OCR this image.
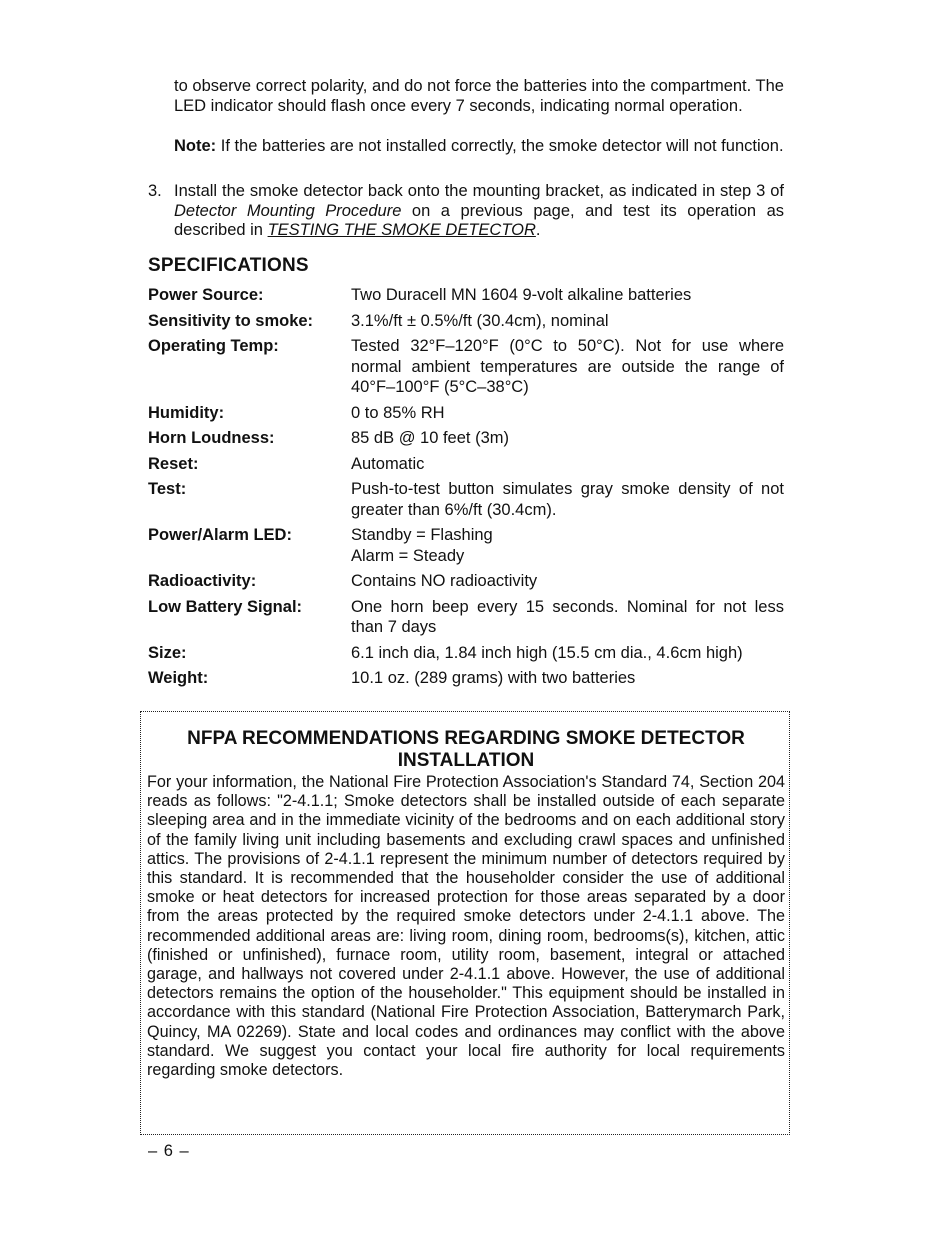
to observe correct polarity, and do not force the batteries into the compartment. The LED indicator should flash once every 7 seconds, indicating normal operation.
Note: If the batteries are not installed correctly, the smoke detector will not function.
3. Install the smoke detector back onto the mounting bracket, as indicated in step 3 of Detector Mounting Procedure on a previous page, and test its operation as described in TESTING THE SMOKE DETECTOR.
SPECIFICATIONS
Power Source:	Two Duracell MN 1604 9-volt alkaline batteries
Sensitivity to smoke:	3.1%/ft ± 0.5%/ft (30.4cm), nominal
Operating Temp:	Tested 32°F–120°F (0°C to 50°C). Not for use where normal ambient temperatures are outside the range of 40°F–100°F (5°C–38°C)
Humidity:	0 to 85% RH
Horn Loudness:	85 dB @ 10 feet (3m)
Reset:	Automatic
Test:	Push-to-test button simulates gray smoke density of not greater than 6%/ft (30.4cm).
Power/Alarm LED:	Standby = Flashing
Alarm = Steady
Radioactivity:	Contains NO radioactivity
Low Battery Signal:	One horn beep every 15 seconds. Nominal for not less than 7 days
Size:	6.1 inch dia, 1.84 inch high (15.5 cm dia., 4.6cm high)
Weight:	10.1 oz. (289 grams) with two batteries
NFPA RECOMMENDATIONS REGARDING SMOKE DETECTOR
INSTALLATION
For your information, the National Fire Protection Association's Standard 74, Section 204 reads as follows: "2-4.1.1; Smoke detectors shall be installed outside of each separate sleeping area and in the immediate vicinity of the bedrooms and on each additional story of the family living unit including basements and excluding crawl spaces and unfinished attics. The provisions of 2-4.1.1 represent the minimum number of detectors required by this standard. It is recommended that the householder consider the use of additional smoke or heat detectors for increased protection for those areas separated by a door from the areas protected by the required smoke detectors under 2-4.1.1 above. The recommended additional areas are: living room, dining room, bedrooms(s), kitchen, attic (finished or unfinished), furnace room, utility room, basement, integral or attached garage, and hallways not covered under 2-4.1.1 above. However, the use of additional detectors remains the option of the householder." This equipment should be installed in accordance with this standard (National Fire Protection Association, Batterymarch Park, Quincy, MA 02269). State and local codes and ordinances may conflict with the above standard. We suggest you contact your local fire authority for local requirements regarding smoke detectors.
– 6 –
